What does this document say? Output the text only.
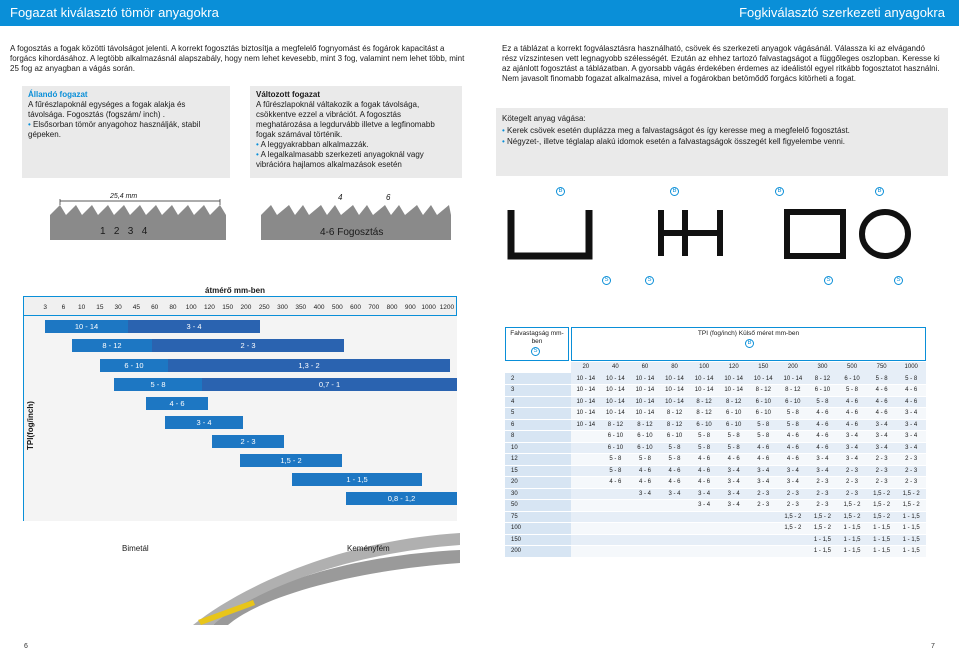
Fogazat kiválasztó tömör anyagokra	Fogkiválasztó szerkezeti anyagokra
A fogosztás a fogak közötti távolságot jelenti. A korrekt fogosztás biztosítja a megfelelő fognyomást és fogárok kapacitást a forgács kihordásához. A legtöbb alkalmazásnál alapszabály, hogy nem lehet kevesebb, mint 3 fog, valamint nem lehet több, mint 25 fog az anyagban a vágás során.
Állandó fogazat
A fűrészlapoknál egységes a fogak alakja és távolsága. Fogosztás (fogszám/ inch) .
• Elsősorban tömör anyagohoz használják, stabil gépeken.
Változott fogazat
A fűrészlapoknál váltakozik a fogak távolsága, csökkentve ezzel a vibrációt. A fogosztás meghatározása a legdurvább illetve a legfinomabb fogak számával történik.
• A leggyakrabban alkalmazzák.
• A legalkalmasabb szerkezeti anyagoknál vagy vibrációra hajlamos alkalmazások esetén
25,4 mm
1   2   3   4
4	6
4-6 Fogosztás
átmérő mm-ben
3	6	10	15	30	45	60	80	100	120	150	200	250	300	350	400	500	600	700	800	900 1000 1200
TPI(fog/inch)
10 - 14	3 - 4
8 - 12	2 - 3
6 - 10	1,3 - 2
5 - 8	0,7 - 1
4 - 6
3 - 4
2 - 3
1,5 - 2
1 - 1,5
0,8 - 1,2
Bimetál	Keményfém
6
Ez a táblázat a korrekt fogválasztásra használható, csövek és szerkezeti anyagok vágásánál. Válassza ki az elvágandó rész vízszintesen vett legnagyobb szélességét. Ezután az ehhez tartozó falvastagságot a függőleges oszlopban. Keresse ki az ajánlott fogosztást a táblázatban. A gyorsabb vágás érdekében érdemes az ideálistól egyel ritkább fogosztatot használni. Nem javasolt finomabb fogazat alkalmazása, mivel a fogárokban betömődő forgács kitörheti a fogat.
Kötegelt anyag vágása:
• Kerek csövek esetén duplázza meg a falvastagságot és így keresse meg a megfelelő fogosztást.
• Négyzet-, illetve téglalap alakú idomok esetén a falvastagságok összegét kell figyelembe venni.
B	B	B	B
S	S	S	S
Falvastagság mm-ben
S
TPI (fog/inch) Külső méret mm-ben
B
20	40	60	80	100	120	150	200	300	500	750	1000
2	10 - 14	10 - 14	10 - 14	10 - 14	10 - 14	10 - 14	10 - 14	10 - 14	8 - 12	6 - 10	5 - 8	5 - 8
3	10 - 14	10 - 14	10 - 14	10 - 14	10 - 14	10 - 14	8 - 12	8 - 12	6 - 10	5 - 8	4 - 6	4 - 6
4	10 - 14	10 - 14	10 - 14	10 - 14	8 - 12	8 - 12	6 - 10	6 - 10	5 - 8	4 - 6	4 - 6	4 - 6
5	10 - 14	10 - 14	10 - 14	8 - 12	8 - 12	6 - 10	6 - 10	5 - 8	4 - 6	4 - 6	4 - 6	3 - 4
6	10 - 14	8 - 12	8 - 12	8 - 12	6 - 10	6 - 10	5 - 8	5 - 8	4 - 6	4 - 6	3 - 4	3 - 4
8		6 - 10	6 - 10	6 - 10	5 - 8	5 - 8	5 - 8	4 - 6	4 - 6	3 - 4	3 - 4	3 - 4
10		6 - 10	6 - 10	5 - 8	5 - 8	5 - 8	4 - 6	4 - 6	4 - 6	3 - 4	3 - 4	3 - 4
12		5 - 8	5 - 8	5 - 8	4 - 6	4 - 6	4 - 6	4 - 6	3 - 4	3 - 4	2 - 3	2 - 3
15		5 - 8	4 - 6	4 - 6	4 - 6	3 - 4	3 - 4	3 - 4	3 - 4	2 - 3	2 - 3	2 - 3
20		4 - 6	4 - 6	4 - 6	4 - 6	3 - 4	3 - 4	3 - 4	2 - 3	2 - 3	2 - 3	2 - 3
30			3 - 4	3 - 4	3 - 4	3 - 4	2 - 3	2 - 3	2 - 3	2 - 3	1,5 - 2	1,5 - 2
50					3 - 4	3 - 4	2 - 3	2 - 3	2 - 3	1,5 - 2	1,5 - 2	1,5 - 2
75								1,5 - 2	1,5 - 2	1,5 - 2	1,5 - 2	1 - 1,5
100								1,5 - 2	1,5 - 2	1 - 1,5	1 - 1,5	1 - 1,5
150									1 - 1,5	1 - 1,5	1 - 1,5	1 - 1,5
200									1 - 1,5	1 - 1,5	1 - 1,5	1 - 1,5
7
